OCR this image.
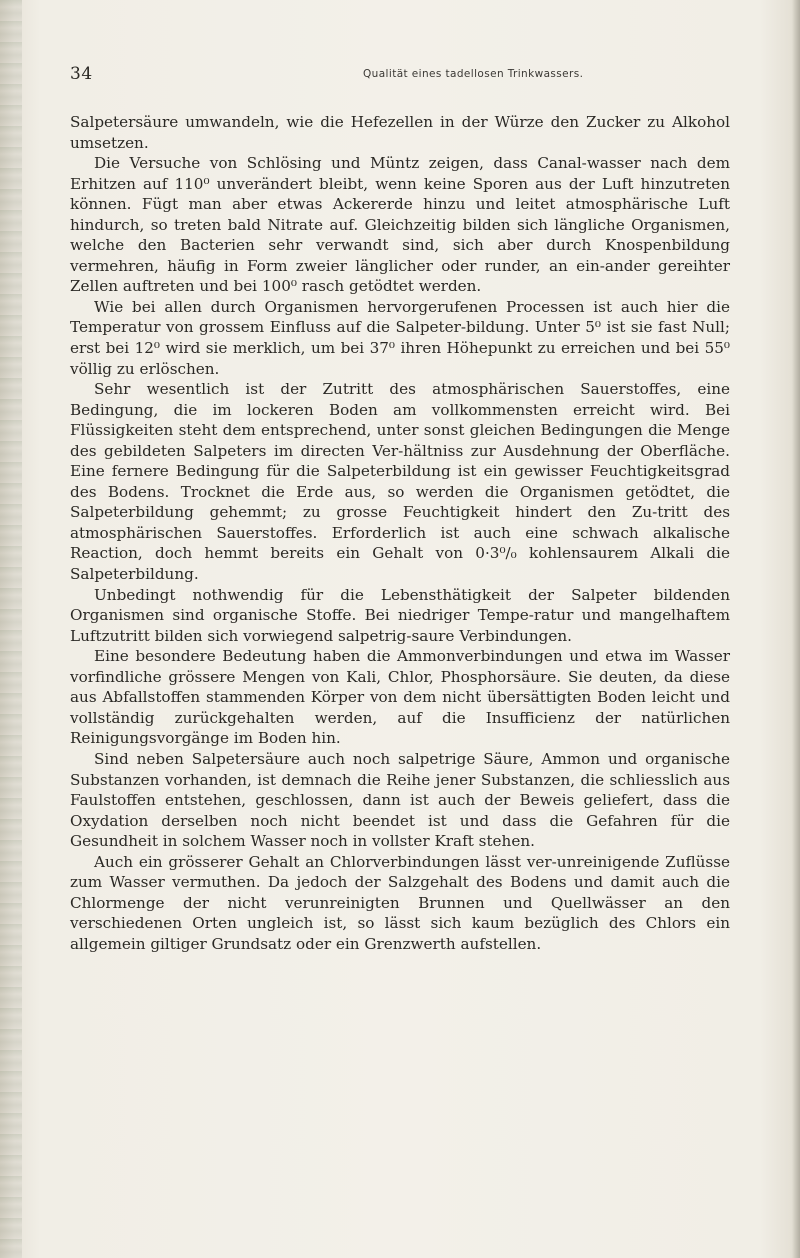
34	Qualität eines tadellosen Trinkwassers.

Salpetersäure umwandeln, wie die Hefezellen in der Würze den Zucker zu Alkohol umsetzen.

Die Versuche von Schlösing und Müntz zeigen, dass Canal-wasser nach dem Erhitzen auf 110⁰ unverändert bleibt, wenn keine Sporen aus der Luft hinzutreten können. Fügt man aber etwas Ackererde hinzu und leitet atmosphärische Luft hindurch, so treten bald Nitrate auf. Gleichzeitig bilden sich längliche Organismen, welche den Bacterien sehr verwandt sind, sich aber durch Knospenbildung vermehren, häufig in Form zweier länglicher oder runder, an ein-ander gereihter Zellen auftreten und bei 100⁰ rasch getödtet werden.

Wie bei allen durch Organismen hervorgerufenen Processen ist auch hier die Temperatur von grossem Einfluss auf die Salpeter-bildung. Unter 5⁰ ist sie fast Null; erst bei 12⁰ wird sie merklich, um bei 37⁰ ihren Höhepunkt zu erreichen und bei 55⁰ völlig zu erlöschen.

Sehr wesentlich ist der Zutritt des atmosphärischen Sauerstoffes, eine Bedingung, die im lockeren Boden am vollkommensten erreicht wird. Bei Flüssigkeiten steht dem entsprechend, unter sonst gleichen Bedingungen die Menge des gebildeten Salpeters im directen Ver-hältniss zur Ausdehnung der Oberfläche. Eine fernere Bedingung für die Salpeterbildung ist ein gewisser Feuchtigkeitsgrad des Bodens. Trocknet die Erde aus, so werden die Organismen getödtet, die Salpeterbildung gehemmt; zu grosse Feuchtigkeit hindert den Zu-tritt des atmosphärischen Sauerstoffes. Erforderlich ist auch eine schwach alkalische Reaction, doch hemmt bereits ein Gehalt von 0·3⁰/₀ kohlensaurem Alkali die Salpeterbildung.

Unbedingt nothwendig für die Lebensthätigkeit der Salpeter bildenden Organismen sind organische Stoffe. Bei niedriger Tempe-ratur und mangelhaftem Luftzutritt bilden sich vorwiegend salpetrig-saure Verbindungen.

Eine besondere Bedeutung haben die Ammonverbindungen und etwa im Wasser vorfindliche grössere Mengen von Kali, Chlor, Phosphorsäure. Sie deuten, da diese aus Abfallstoffen stammenden Körper von dem nicht übersättigten Boden leicht und vollständig zurückgehalten werden, auf die Insufficienz der natürlichen Reinigungsvorgänge im Boden hin.

Sind neben Salpetersäure auch noch salpetrige Säure, Ammon und organische Substanzen vorhanden, ist demnach die Reihe jener Substanzen, die schliesslich aus Faulstoffen entstehen, geschlossen, dann ist auch der Beweis geliefert, dass die Oxydation derselben noch nicht beendet ist und dass die Gefahren für die Gesundheit in solchem Wasser noch in vollster Kraft stehen.

Auch ein grösserer Gehalt an Chlorverbindungen lässt ver-unreinigende Zuflüsse zum Wasser vermuthen. Da jedoch der Salzgehalt des Bodens und damit auch die Chlormenge der nicht verunreinigten Brunnen und Quellwässer an den verschiedenen Orten ungleich ist, so lässt sich kaum bezüglich des Chlors ein allgemein giltiger Grundsatz oder ein Grenzwerth aufstellen.
